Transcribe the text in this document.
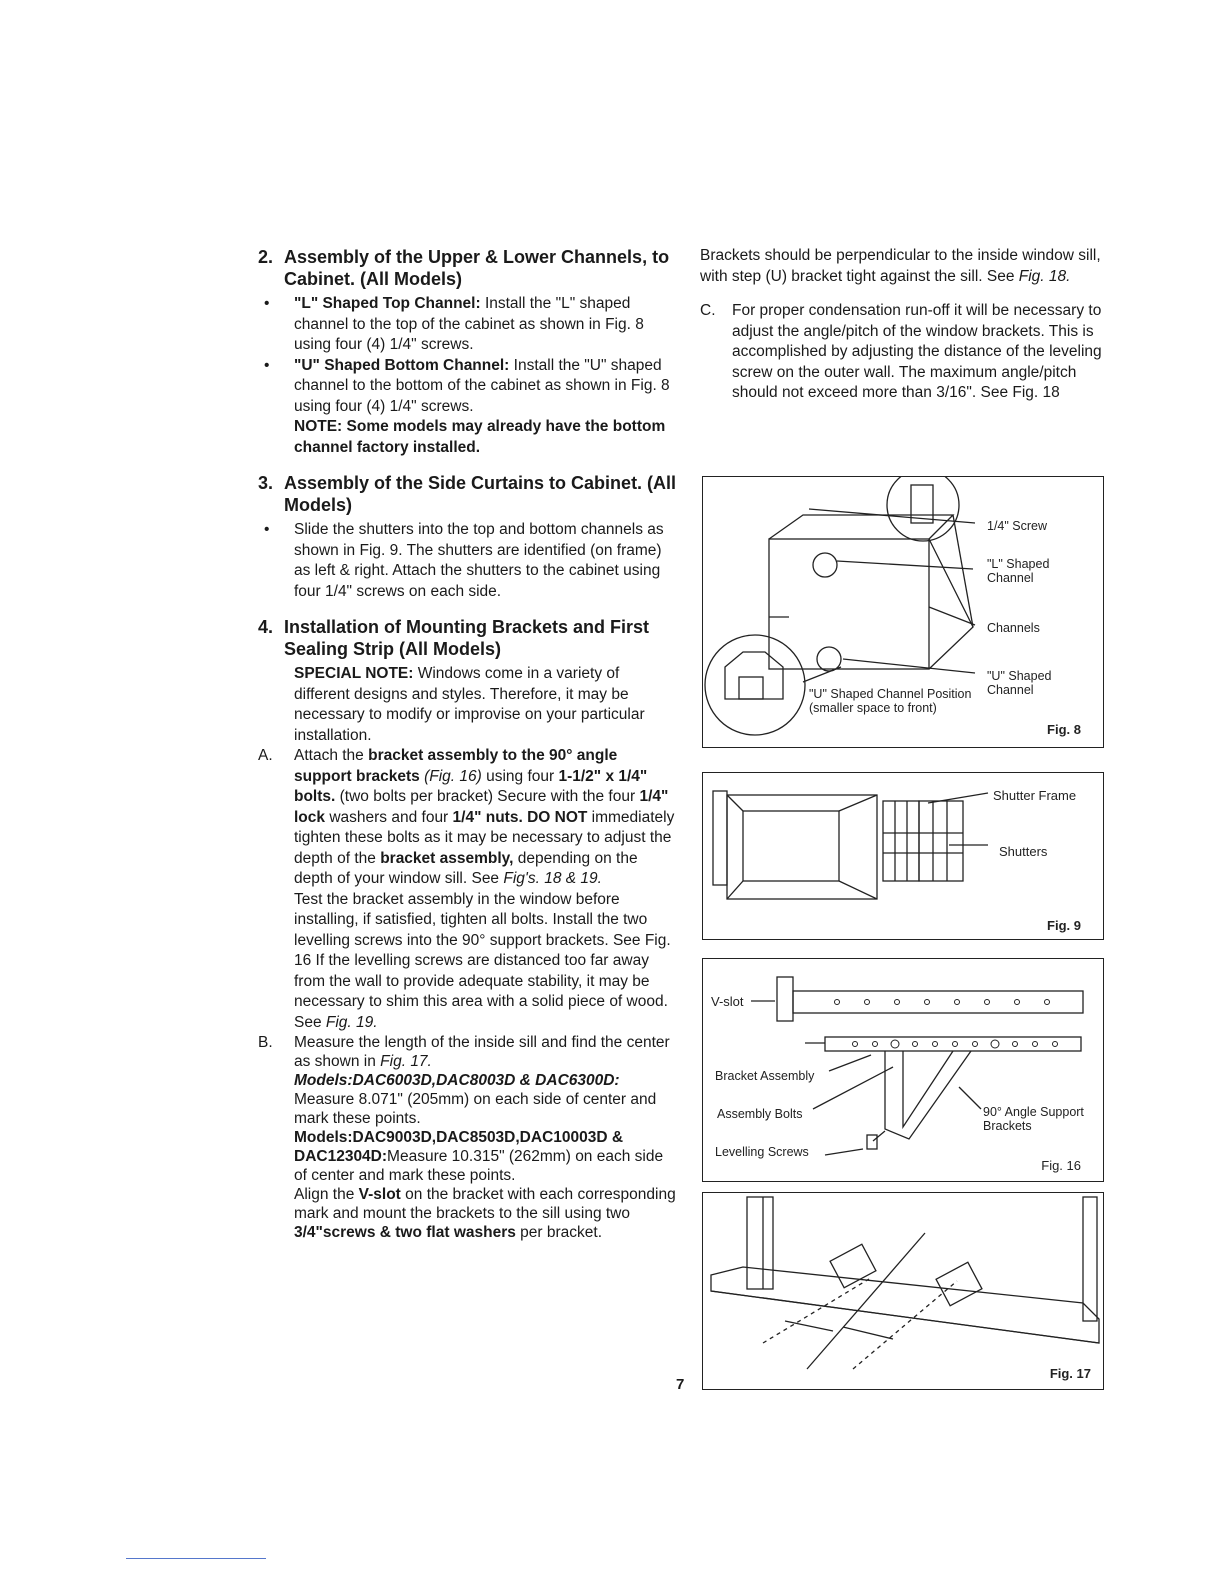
2. Assembly of the Upper & Lower Channels, to Cabinet. (All Models)
•	"L" Shaped Top Channel: Install the "L" shaped channel to the top of the cabinet as shown in Fig. 8 using four (4) 1/4" screws.
•	"U" Shaped Bottom Channel: Install the "U" shaped channel to the bottom of the cabinet as shown in Fig. 8 using four (4) 1/4" screws.
NOTE: Some models may already have the bottom channel factory installed.
3. Assembly of the Side Curtains to Cabinet. (All Models)
•	Slide the shutters into the top and bottom channels as shown in Fig. 9. The shutters are identified (on frame) as left & right. Attach the shutters to the cabinet using four 1/4" screws on each side.
4. Installation of Mounting Brackets and First Sealing Strip (All Models)
SPECIAL NOTE: Windows come in a variety of different designs and styles. Therefore, it may be necessary to modify or improvise on your particular installation.
A. Attach the bracket assembly to the 90° angle support brackets (Fig. 16) using four 1-1/2" x 1/4" bolts. (two bolts per bracket) Secure with the four 1/4" lock washers and four 1/4" nuts. DO NOT immediately tighten these bolts as it may be necessary to adjust the depth of the bracket assembly, depending on the depth of your window sill. See Fig's. 18 & 19.
Test the bracket assembly in the window before installing, if satisfied, tighten all bolts. Install the two levelling screws into the 90° support brackets. See Fig. 16 If the levelling screws are distanced too far away from the wall to provide adequate stability, it may be necessary to shim this area with a solid piece of wood. See Fig. 19.
B. Measure the length of the inside sill and find the center as shown in Fig. 17.
Models:DAC6003D,DAC8003D & DAC6300D:
Measure 8.071" (205mm) on each side of center and mark these points.
Models:DAC9003D,DAC8503D,DAC10003D & DAC12304D:Measure 10.315" (262mm) on each side of center and mark these points.
Align the V-slot on the bracket with each corresponding mark and mount the brackets to the sill using two 3/4"screws & two flat washers per bracket.
Brackets should be perpendicular to the inside window sill, with step (U) bracket tight against the sill. See Fig. 18.
C.	For proper condensation run-off it will be necessary to adjust the angle/pitch of the window brackets. This is accomplished by adjusting the distance of the leveling screw on the outer wall. The maximum angle/pitch should not exceed more than 3/16". See Fig. 18
1/4" Screw
"L" Shaped Channel
Channels
"U" Shaped Channel
"U" Shaped Channel Position (smaller space to front)
Fig. 8
Shutter Frame
Shutters
Fig. 9
V-slot
Bracket Assembly
Assembly Bolts	90° Angle Support Brackets
Levelling Screws
Fig. 16
Fig. 17
7
